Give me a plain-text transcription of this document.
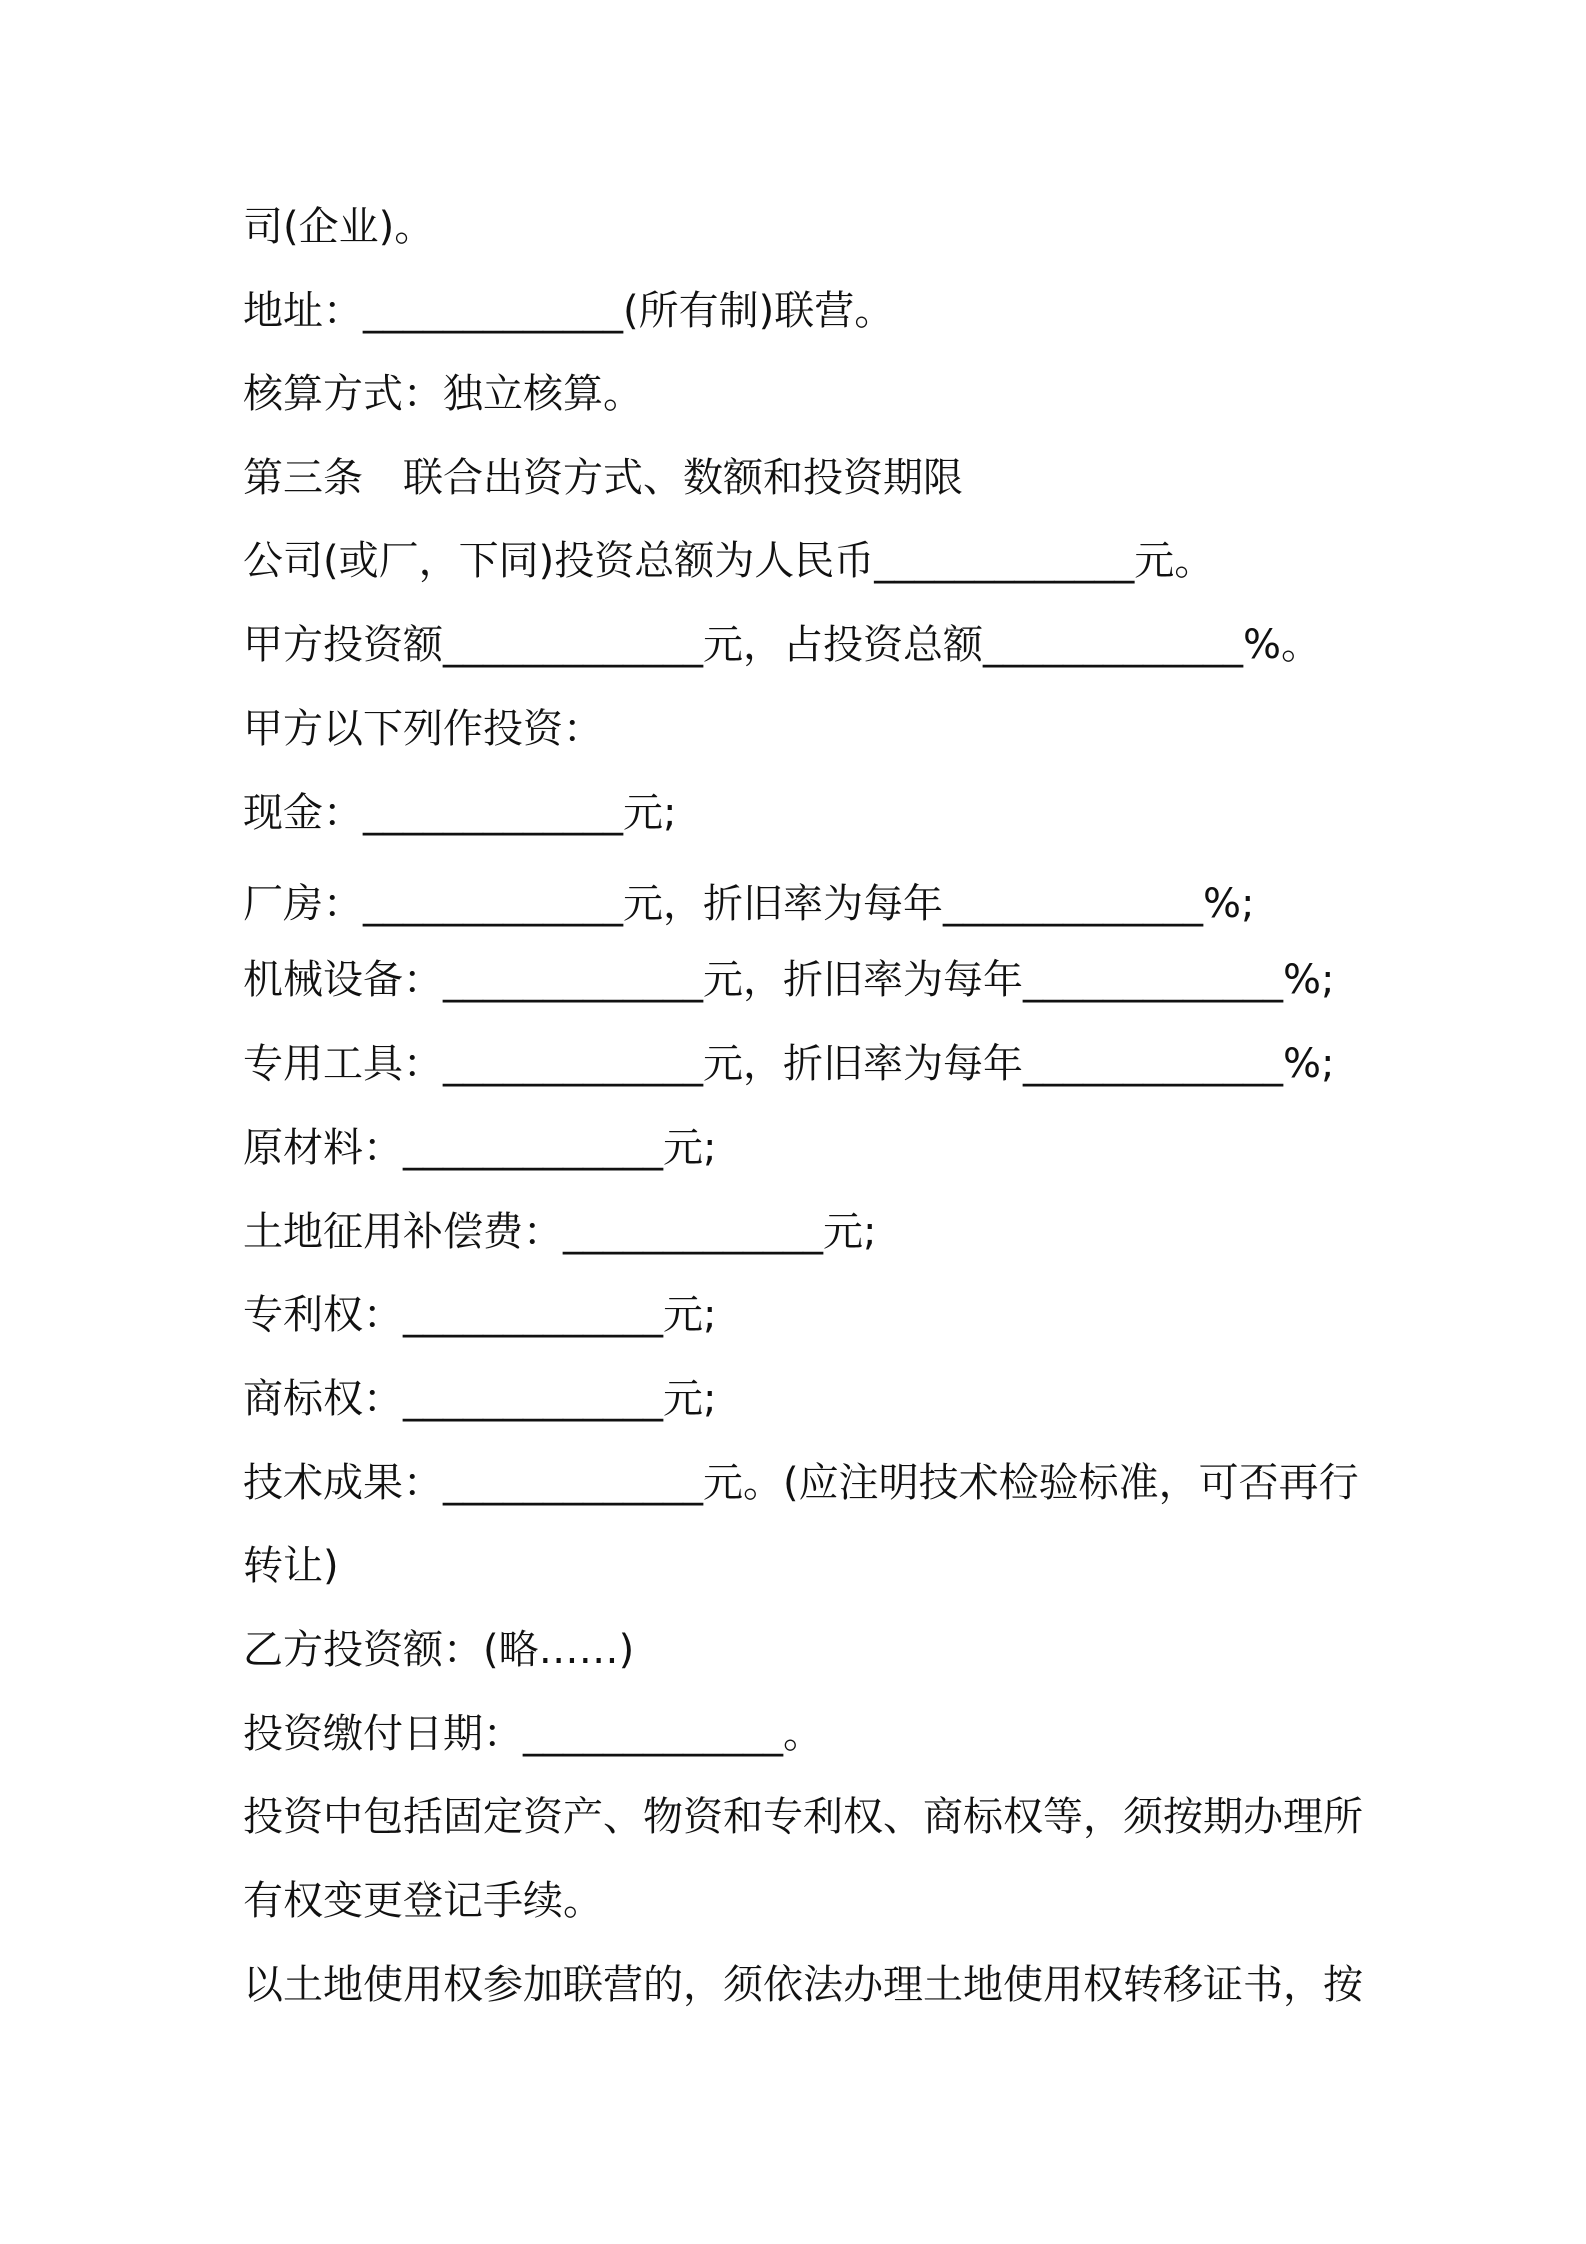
司(企业)。
地址：_____________(所有制)联营。
核算方式：独立核算。
第三条　联合出资方式、数额和投资期限
公司(或厂，下同)投资总额为人民币_____________元。
甲方投资额_____________元，占投资总额_____________%。
甲方以下列作投资：
现金：_____________元;
厂房：_____________元，折旧率为每年_____________%;
机械设备：_____________元，折旧率为每年_____________%;
专用工具：_____________元，折旧率为每年_____________%;
原材料：_____________元;
土地征用补偿费：_____________元;
专利权：_____________元;
商标权：_____________元;
技术成果：_____________元。(应注明技术检验标准，可否再行
转让)
乙方投资额：(略……)
投资缴付日期：_____________。
投资中包括固定资产、物资和专利权、商标权等，须按期办理所
有权变更登记手续。
以土地使用权参加联营的，须依法办理土地使用权转移证书，按
